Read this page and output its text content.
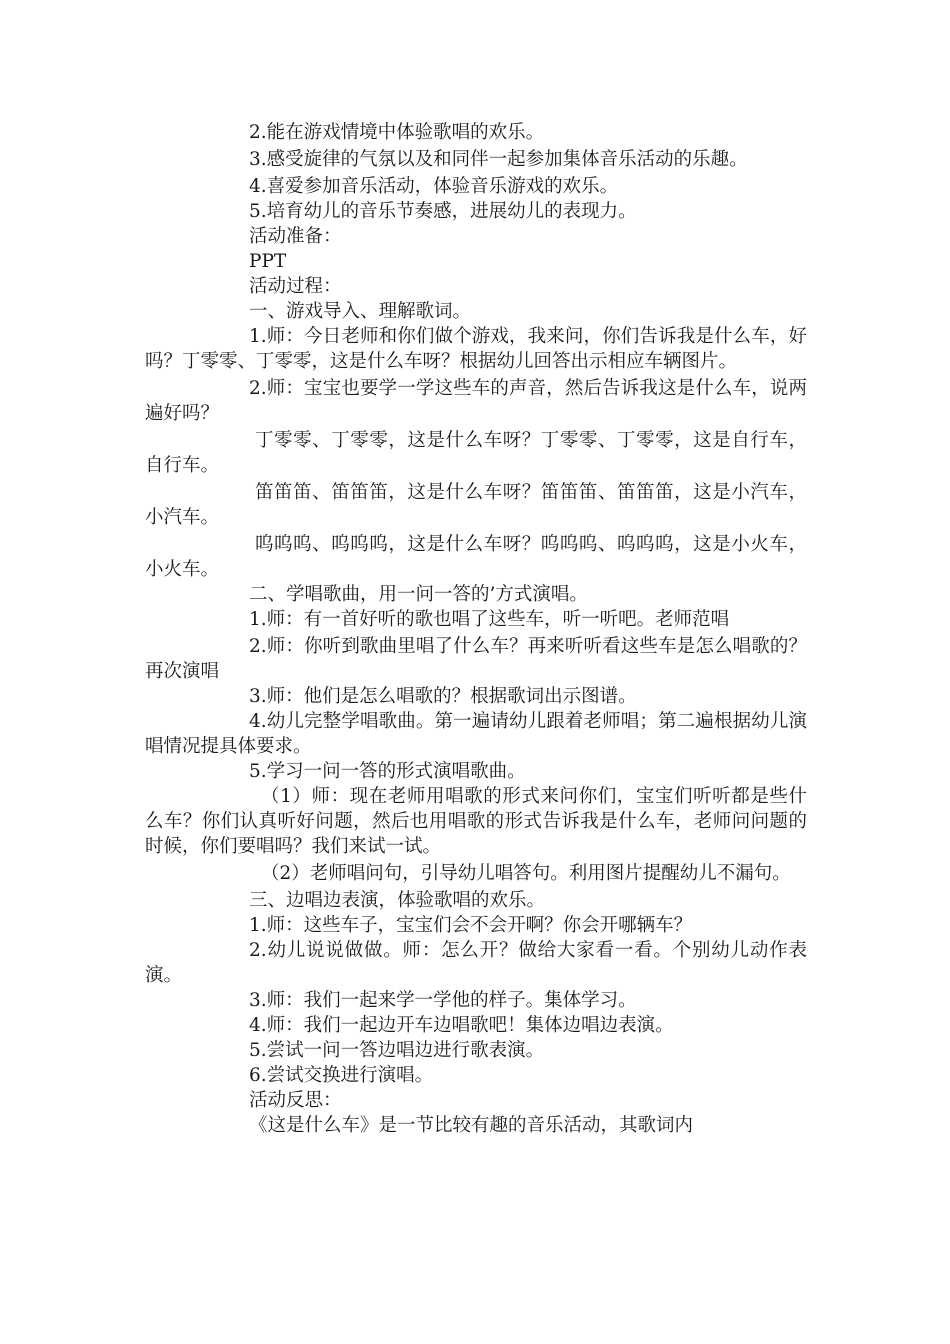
2.能在游戏情境中体验歌唱的欢乐。

3.感受旋律的气氛以及和同伴一起参加集体音乐活动的乐趣。

4.喜爱参加音乐活动，体验音乐游戏的欢乐。

5.培育幼儿的音乐节奏感，进展幼儿的表现力。

活动准备：

PPT

活动过程：

一、游戏导入、理解歌词。

1.师：今日老师和你们做个游戏，我来问，你们告诉我是什么车，好吗？丁零零、丁零零，这是什么车呀？根据幼儿回答出示相应车辆图片。

2.师：宝宝也要学一学这些车的声音，然后告诉我这是什么车，说两遍好吗？

丁零零、丁零零，这是什么车呀？丁零零、丁零零，这是自行车，自行车。

笛笛笛、笛笛笛，这是什么车呀？笛笛笛、笛笛笛，这是小汽车，小汽车。

呜呜呜、呜呜呜，这是什么车呀？呜呜呜、呜呜呜，这是小火车，小火车。

二、学唱歌曲，用一问一答的’方式演唱。

1.师：有一首好听的歌也唱了这些车，听一听吧。老师范唱

2.师：你听到歌曲里唱了什么车？再来听听看这些车是怎么唱歌的？再次演唱

3.师：他们是怎么唱歌的？根据歌词出示图谱。

4.幼儿完整学唱歌曲。第一遍请幼儿跟着老师唱；第二遍根据幼儿演唱情况提具体要求。

5.学习一问一答的形式演唱歌曲。

（1）师：现在老师用唱歌的形式来问你们，宝宝们听听都是些什么车？你们认真听好问题，然后也用唱歌的形式告诉我是什么车，老师问问题的时候，你们要唱吗？我们来试一试。

（2）老师唱问句，引导幼儿唱答句。利用图片提醒幼儿不漏句。

三、边唱边表演，体验歌唱的欢乐。

1.师：这些车子，宝宝们会不会开啊？你会开哪辆车？

2.幼儿说说做做。师：怎么开？做给大家看一看。个别幼儿动作表演。

3.师：我们一起来学一学他的样子。集体学习。

4.师：我们一起边开车边唱歌吧！集体边唱边表演。

5.尝试一问一答边唱边进行歌表演。

6.尝试交换进行演唱。

活动反思：

《这是什么车》是一节比较有趣的音乐活动，其歌词内
